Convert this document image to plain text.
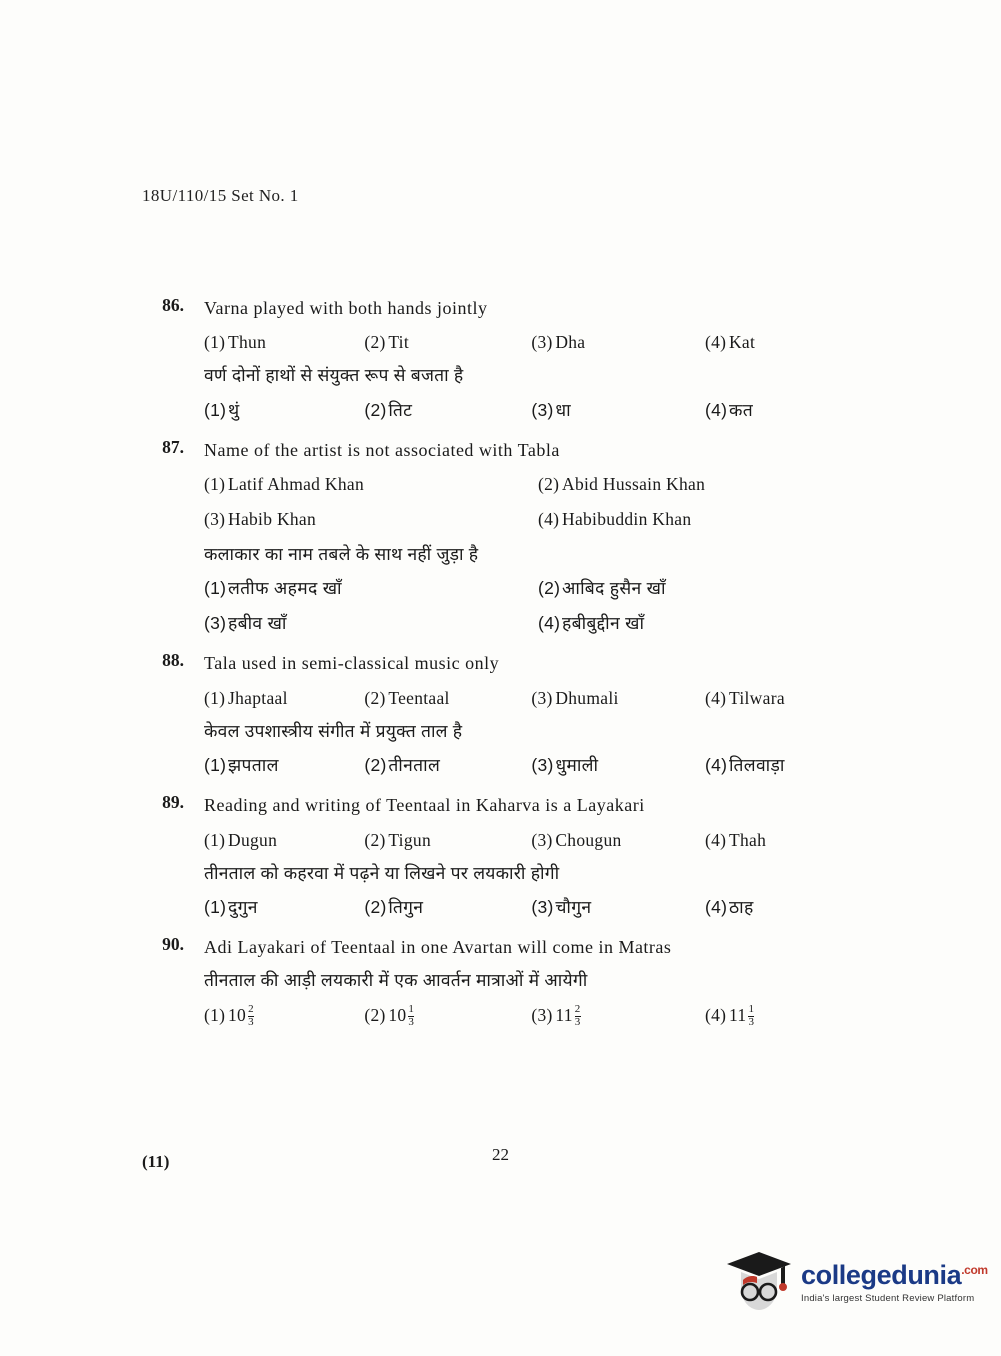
18U/110/15 Set No. 1
86. Varna played with both hands jointly
(1) Thun	(2) Tit	(3) Dha	(4) Kat
वर्ण दोनों हाथों से संयुक्त रूप से बजता है
(1)थुं	(2)तिट	(3)धा	(4)कत
87. Name of the artist is not associated with Tabla
(1) Latif Ahmad Khan	(2) Abid Hussain Khan
(3) Habib Khan	(4) Habibuddin Khan
कलाकार का नाम तबले के साथ नहीं जुड़ा है
(1)लतीफ अहमद खाँ	(2)आबिद हुसैन खाँ
(3)हबीव खाँ	(4)हबीबुद्दीन खाँ
88. Tala used in semi-classical music only
(1) Jhaptaal	(2) Teentaal	(3) Dhumali	(4) Tilwara
केवल उपशास्त्रीय संगीत में प्रयुक्त ताल है
(1)झपताल	(2)तीनताल	(3)धुमाली	(4)तिलवाड़ा
89. Reading and writing of Teentaal in Kaharva is a Layakari
(1) Dugun	(2) Tigun	(3) Chougun	(4) Thah
तीनताल को कहरवा में पढ़ने या लिखने पर लयकारी होगी
(1)दुगुन	(2)तिगुन	(3)चौगुन	(4)ठाह
90. Adi Layakari of Teentaal in one Avartan will come in Matras
तीनताल की आड़ी लयकारी में एक आवर्तन मात्राओं में आयेगी
(1) $10 \frac{2}{3}$	(2) $10 \frac{1}{3}$	(3) $11 \frac{2}{3}$	(4) $11 \frac{1}{3}$
(11)	22
collegedunia$^{.com}$
India's largest Student Review Platform
